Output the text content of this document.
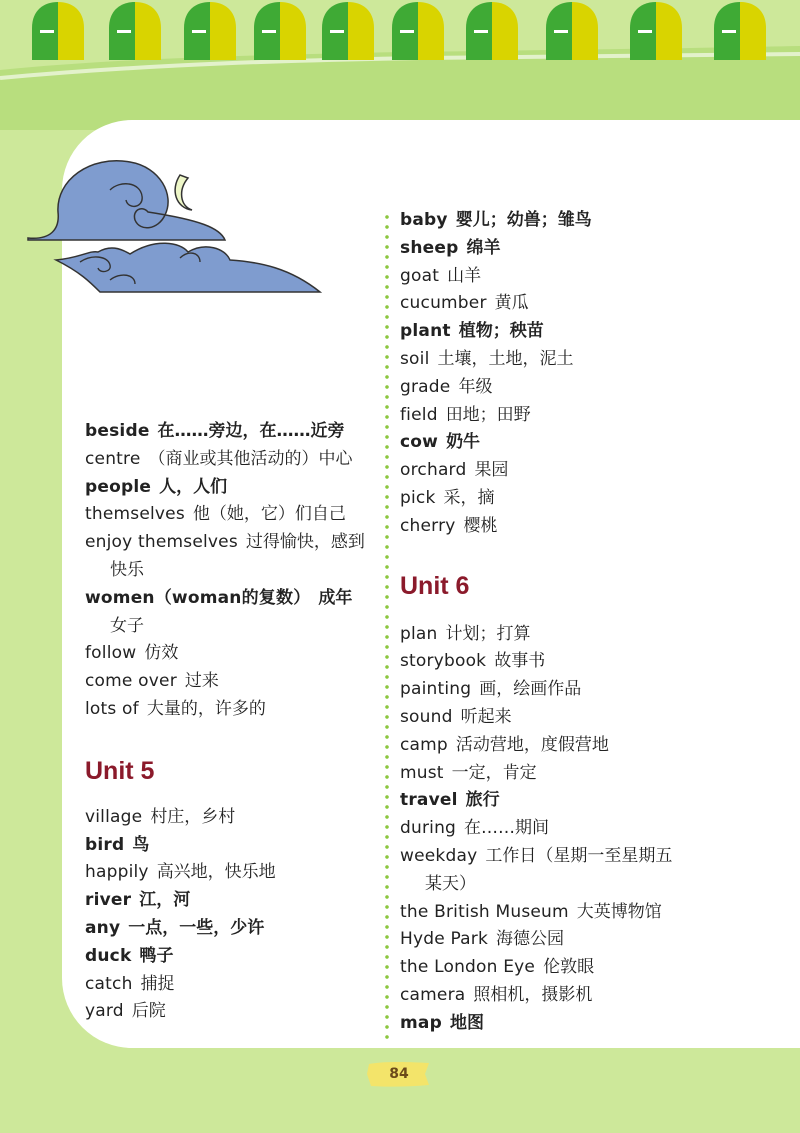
beside 在……旁边，在……近旁
centre （商业或其他活动的）中心
people 人，人们
themselves 他（她，它）们自己
enjoy themselves 过得愉快，感到
快乐
women（woman的复数） 成年
女子
follow 仿效
come over 过来
lots of 大量的，许多的
Unit 5
village 村庄，乡村
bird 鸟
happily 高兴地，快乐地
river 江，河
any 一点，一些，少许
duck 鸭子
catch 捕捉
yard 后院
baby 婴儿；幼兽；雏鸟
sheep 绵羊
goat 山羊
cucumber 黄瓜
plant 植物；秧苗
soil 土壤，土地，泥土
grade 年级
field 田地；田野
cow 奶牛
orchard 果园
pick 采，摘
cherry 樱桃
Unit 6
plan 计划；打算
storybook 故事书
painting 画，绘画作品
sound 听起来
camp 活动营地，度假营地
must 一定，肯定
travel 旅行
during 在……期间
weekday 工作日（星期一至星期五
某天）
the British Museum 大英博物馆
Hyde Park 海德公园
the London Eye 伦敦眼
camera 照相机，摄影机
map 地图
84
